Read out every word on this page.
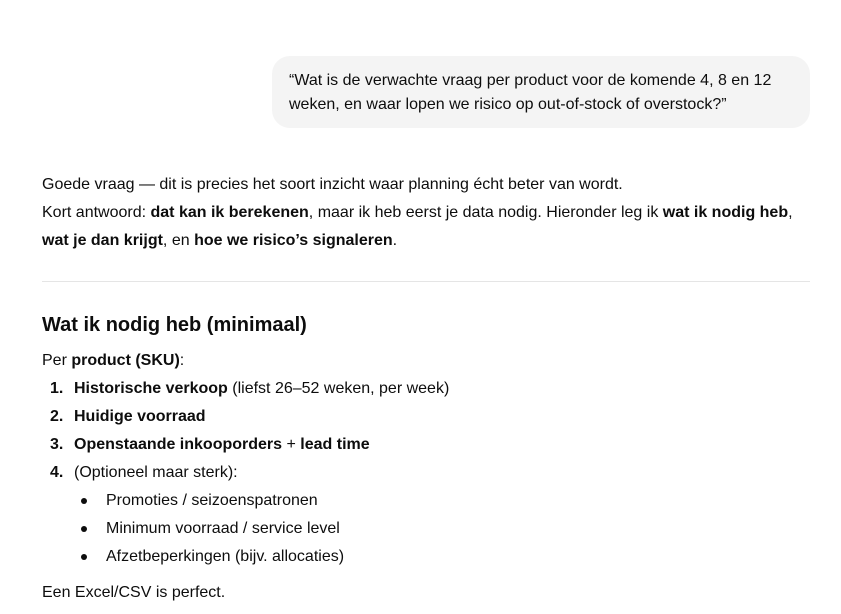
“Wat is de verwachte vraag per product voor de komende 4, 8 en 12 weken, en waar lopen we risico op out-of-stock of overstock?”

Goede vraag — dit is precies het soort inzicht waar planning écht beter van wordt.

Kort antwoord: dat kan ik berekenen, maar ik heb eerst je data nodig. Hieronder leg ik wat ik nodig heb, wat je dan krijgt, en hoe we risico’s signaleren.

Wat ik nodig heb (minimaal)

Per product (SKU):

1. Historische verkoop (liefst 26–52 weken, per week)
2. Huidige voorraad
3. Openstaande inkooporders + lead time
4. (Optioneel maar sterk):
Promoties / seizoenspatronen
Minimum voorraad / service level
Afzetbeperkingen (bijv. allocaties)

Een Excel/CSV is perfect.
